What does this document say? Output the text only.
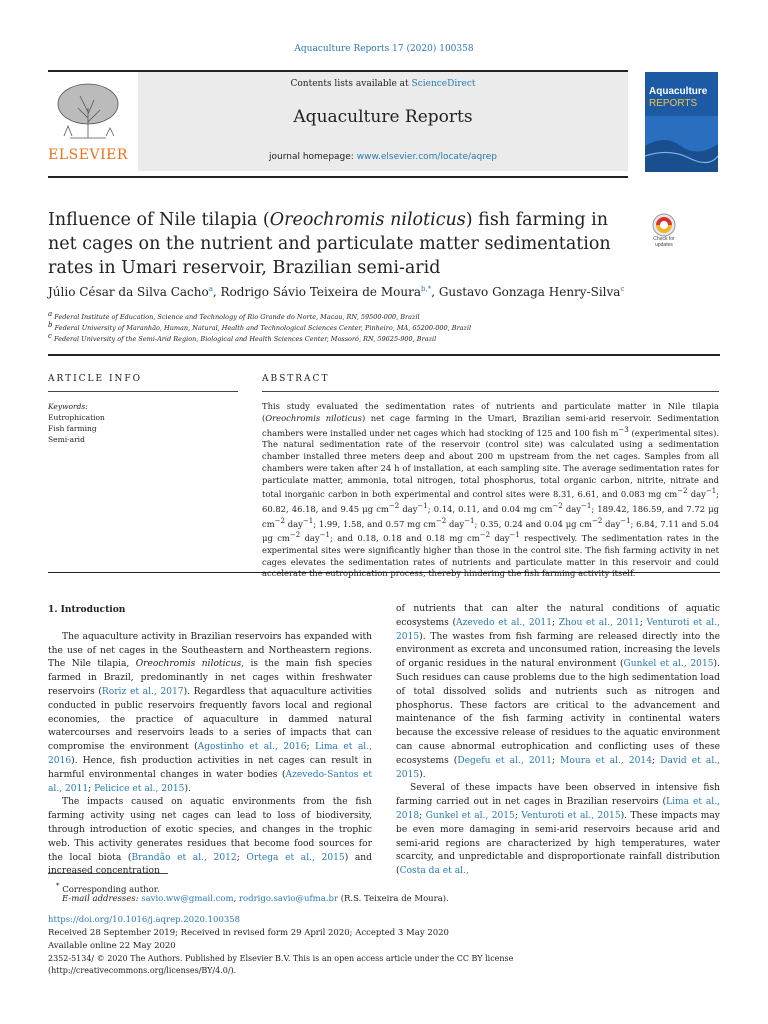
Aquaculture Reports 17 (2020) 100358
ELSEVIER
Contents lists available at ScienceDirect
Aquaculture Reports
journal homepage: www.elsevier.com/locate/aqrep
Aquaculture
REPORTS
Influence of Nile tilapia (Oreochromis niloticus) fish farming in net cages on the nutrient and particulate matter sedimentation rates in Umari reservoir, Brazilian semi-arid
Check for updates
Júlio César da Silva Cacho$^a$, Rodrigo Sávio Teixeira de Moura$^{b,*}$, Gustavo Gonzaga Henry-Silva$^c$
$^a$ Federal Institute of Education, Science and Technology of Rio Grande do Norte, Macau, RN, 59500-000, Brazil
$^b$ Federal University of Maranhão, Human, Natural, Health and Technological Sciences Center, Pinheiro, MA, 65200-000, Brazil
$^c$ Federal University of the Semi-Arid Region, Biological and Health Sciences Center, Mossoró, RN, 59625-900, Brazil
ARTICLE INFO
Keywords:
Eutrophication
Fish farming
Semi-arid
ABSTRACT
This study evaluated the sedimentation rates of nutrients and particulate matter in Nile tilapia (Oreochromis niloticus) net cage farming in the Umari, Brazilian semi-arid reservoir. Sedimentation chambers were installed under net cages which had stocking of 125 and 100 fish $m^{-3}$ (experimental sites). The natural sedimentation rate of the reservoir (control site) was calculated using a sedimentation chamber installed three meters deep and about 200 m upstream from the net cages. Samples from all chambers were taken after 24 h of installation, at each sampling site. The average sedimentation rates for particulate matter, ammonia, total nitrogen, total phosphorus, total organic carbon, nitrite, nitrate and total inorganic carbon in both experimental and control sites were 8.31, 6.61, and 0.083 mg $cm^{-2}$ day$^{-1}$; 60.82, 46.18, and 9.45 μg $cm^{-2}$ day$^{-1}$; 0.14, 0.11, and 0.04 mg $cm^{-2}$ day$^{-1}$; 189.42, 186.59, and 7.72 μg $cm^{-2}$ day$^{-1}$; 1.99, 1.58, and 0.57 mg $cm^{-2}$ day$^{-1}$; 0.35, 0.24 and 0.04 μg $cm^{-2}$ day$^{-1}$; 6.84, 7.11 and 5.04 μg $cm^{-2}$ day$^{-1}$; and 0.18, 0.18 and 0.18 mg $cm^{-2}$ day$^{-1}$ respectively. The sedimentation rates in the experimental sites were significantly higher than those in the control site. The fish farming activity in net cages elevates the sedimentation rates of nutrients and particulate matter in this reservoir and could accelerate the eutrophication process, thereby hindering the fish farming activity itself.
1. Introduction

The aquaculture activity in Brazilian reservoirs has expanded with the use of net cages in the Southeastern and Northeastern regions. The Nile tilapia, Oreochromis niloticus, is the main fish species farmed in Brazil, predominantly in net cages within freshwater reservoirs (Roriz et al., 2017). Regardless that aquaculture activities conducted in public reservoirs frequently favors local and regional economies, the practice of aquaculture in dammed natural watercourses and reservoirs leads to a series of impacts that can compromise the environment (Agostinho et al., 2016; Lima et al., 2016). Hence, fish production activities in net cages can result in harmful environmental changes in water bodies (Azevedo-Santos et al., 2011; Pelicice et al., 2015).

The impacts caused on aquatic environments from the fish farming activity using net cages can lead to loss of biodiversity, through introduction of exotic species, and changes in the trophic web. This activity generates residues that become food sources for the local biota (Brandão et al., 2012; Ortega et al., 2015) and increased concentration

of nutrients that can alter the natural conditions of aquatic ecosystems (Azevedo et al., 2011; Zhou et al., 2011; Venturoti et al., 2015). The wastes from fish farming are released directly into the environment as excreta and unconsumed ration, increasing the levels of organic residues in the natural environment (Gunkel et al., 2015). Such residues can cause problems due to the high sedimentation load of total dissolved solids and nutrients such as nitrogen and phosphorus. These factors are critical to the advancement and maintenance of the fish farming activity in continental waters because the excessive release of residues to the aquatic environment can cause abnormal eutrophication and conflicting uses of these ecosystems (Degefu et al., 2011; Moura et al., 2014; David et al., 2015).

Several of these impacts have been observed in intensive fish farming carried out in net cages in Brazilian reservoirs (Lima et al., 2018; Gunkel et al., 2015; Venturoti et al., 2015). These impacts may be even more damaging in semi-arid reservoirs because arid and semi-arid regions are characterized by high temperatures, water scarcity, and unpredictable and disproportionate rainfall distribution (Costa da et al.,

* Corresponding author.
E-mail addresses: savio.ww@gmail.com, rodrigo.savio@ufma.br (R.S. Teixeira de Moura).
https://doi.org/10.1016/j.aqrep.2020.100358
Received 28 September 2019; Received in revised form 29 April 2020; Accepted 3 May 2020
Available online 22 May 2020
2352-5134/ © 2020 The Authors. Published by Elsevier B.V. This is an open access article under the CC BY license
(http://creativecommons.org/licenses/BY/4.0/).
